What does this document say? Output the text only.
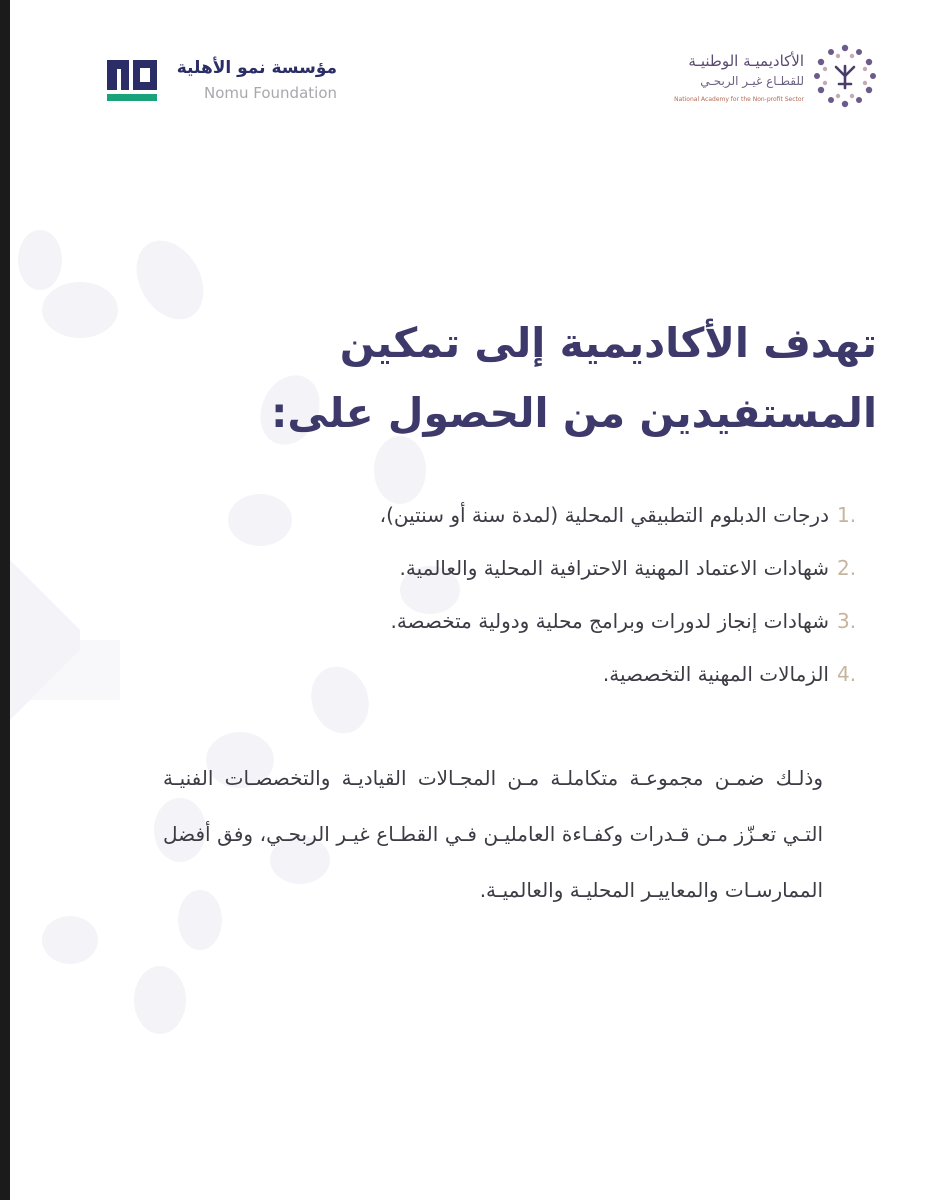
مؤسسة نمو الأهلية
Nomu Foundation
الأكاديميـة الوطنيـة
للقطـاع غيـر الربحـي
National Academy for the Non-profit Sector
تهدف الأكاديمية إلى تمكين
المستفيدين من الحصول على:
1.
درجات الدبلوم التطبيقي المحلية (لمدة سنة أو سنتين)،
2.
شهادات الاعتماد المهنية الاحترافية المحلية والعالمية.
3.
شهادات إنجاز لدورات وبرامج محلية ودولية متخصصة.
4.
الزمالات المهنية التخصصية.

وذلـك ضمـن مجموعـة متكاملـة مـن المجـالات القياديـة والتخصصـات الفنيـة التـي تعـزّز مـن قـدرات وكفـاءة العامليـن فـي القطـاع غيـر الربحـي، وفق أفضل الممارسـات والمعاييـر المحليـة والعالميـة.
